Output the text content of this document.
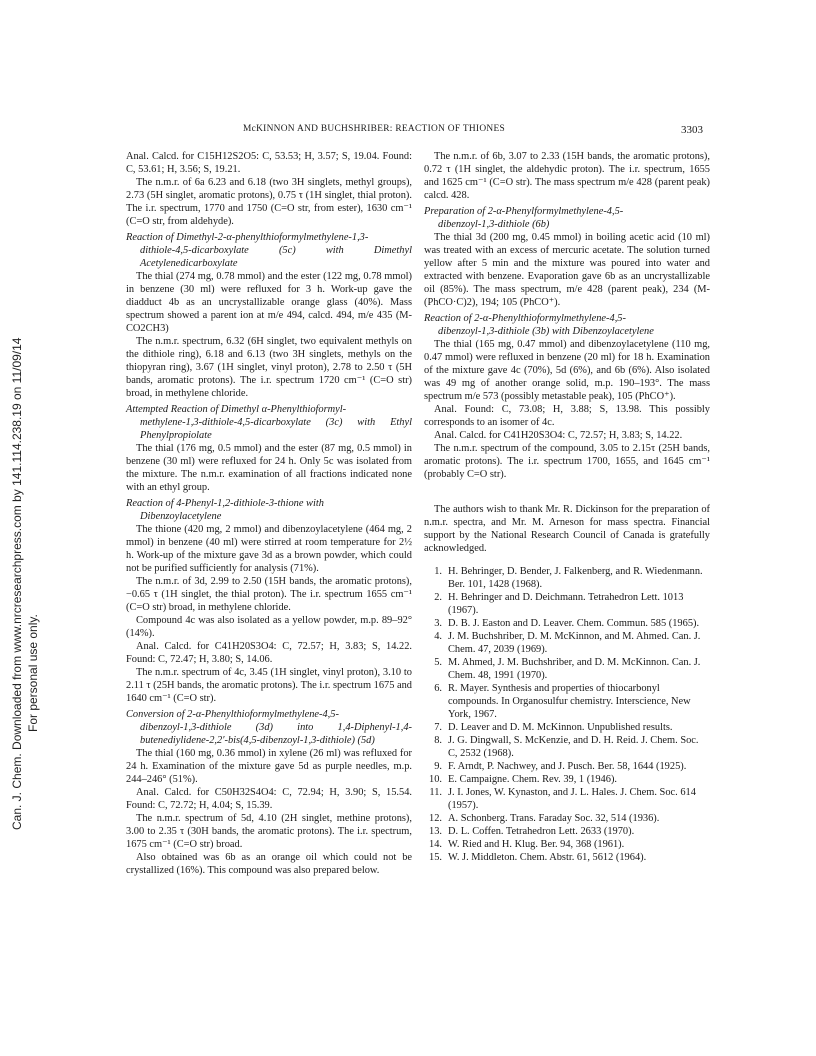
Can. J. Chem. Downloaded from www.nrcresearchpress.com by 141.114.238.19 on 11/09/14 For personal use only.
McKINNON AND BUCHSHRIBER: REACTION OF THIONES	3303

Anal. Calcd. for C15H12S2O5: C, 53.53; H, 3.57; S, 19.04. Found: C, 53.61; H, 3.56; S, 19.21.

The n.m.r. of 6a 6.23 and 6.18 (two 3H singlets, methyl groups), 2.73 (5H singlet, aromatic protons), 0.75 τ (1H singlet, thial proton). The i.r. spectrum, 1770 and 1750 (C=O str, from ester), 1630 cm⁻¹ (C=O str, from aldehyde).

Reaction of Dimethyl-2-α-phenylthioformylmethylene-1,3-
dithiole-4,5-dicarboxylate (5c) with Dimethyl Acetylenedicarboxylate

The thial (274 mg, 0.78 mmol) and the ester (122 mg, 0.78 mmol) in benzene (30 ml) were refluxed for 3 h. Work-up gave the diadduct 4b as an uncrystallizable orange glass (40%). Mass spectrum showed a parent ion at m/e 494, calcd. 494, m/e 435 (M-CO2CH3)

The n.m.r. spectrum, 6.32 (6H singlet, two equivalent methyls on the dithiole ring), 6.18 and 6.13 (two 3H singlets, methyls on the thiopyran ring), 3.67 (1H singlet, vinyl proton), 2.78 to 2.50 τ (5H bands, aromatic protons). The i.r. spectrum 1720 cm⁻¹ (C=O str) broad, in methylene chloride.

Attempted Reaction of Dimethyl α-Phenylthioformyl-
methylene-1,3-dithiole-4,5-dicarboxylate (3c) with Ethyl Phenylpropiolate

The thial (176 mg, 0.5 mmol) and the ester (87 mg, 0.5 mmol) in benzene (30 ml) were refluxed for 24 h. Only 5c was isolated from the mixture. The n.m.r. examination of all fractions indicated none with an ethyl group.

Reaction of 4-Phenyl-1,2-dithiole-3-thione with
Dibenzoylacetylene

The thione (420 mg, 2 mmol) and dibenzoylacetylene (464 mg, 2 mmol) in benzene (40 ml) were stirred at room temperature for 2½ h. Work-up of the mixture gave 3d as a brown powder, which could not be purified sufficiently for analysis (71%).

The n.m.r. of 3d, 2.99 to 2.50 (15H bands, the aromatic protons), −0.65 τ (1H singlet, the thial proton). The i.r. spectrum 1655 cm⁻¹ (C=O str) broad, in methylene chloride.

Compound 4c was also isolated as a yellow powder, m.p. 89–92° (14%).

Anal. Calcd. for C41H20S3O4: C, 72.57; H, 3.83; S, 14.22. Found: C, 72.47; H, 3.80; S, 14.06.

The n.m.r. spectrum of 4c, 3.45 (1H singlet, vinyl proton), 3.10 to 2.11 τ (25H bands, the aromatic protons). The i.r. spectrum 1675 and 1640 cm⁻¹ (C=O str).

Conversion of 2-α-Phenylthioformylmethylene-4,5-
dibenzoyl-1,3-dithiole (3d) into 1,4-Diphenyl-1,4-butenediylidene-2,2′-bis(4,5-dibenzoyl-1,3-dithiole) (5d)

The thial (160 mg, 0.36 mmol) in xylene (26 ml) was refluxed for 24 h. Examination of the mixture gave 5d as purple needles, m.p. 244–246° (51%).

Anal. Calcd. for C50H32S4O4: C, 72.94; H, 3.90; S, 15.54. Found: C, 72.72; H, 4.04; S, 15.39.

The n.m.r. spectrum of 5d, 4.10 (2H singlet, methine protons), 3.00 to 2.35 τ (30H bands, the aromatic protons). The i.r. spectrum, 1675 cm⁻¹ (C=O str) broad.

Also obtained was 6b as an orange oil which could not be crystallized (16%). This compound was also prepared below.

The n.m.r. of 6b, 3.07 to 2.33 (15H bands, the aromatic protons), 0.72 τ (1H singlet, the aldehydic proton). The i.r. spectrum, 1655 and 1625 cm⁻¹ (C=O str). The mass spectrum m/e 428 (parent peak) calcd. 428.

Preparation of 2-α-Phenylformylmethylene-4,5-
dibenzoyl-1,3-dithiole (6b)

The thial 3d (200 mg, 0.45 mmol) in boiling acetic acid (10 ml) was treated with an excess of mercuric acetate. The solution turned yellow after 5 min and the mixture was poured into water and extracted with benzene. Evaporation gave 6b as an uncrystallizable oil (85%). The mass spectrum, m/e 428 (parent peak), 234 (M-(PhCO·C)2), 194; 105 (PhCO⁺).

Reaction of 2-α-Phenylthioformylmethylene-4,5-
dibenzoyl-1,3-dithiole (3b) with Dibenzoylacetylene

The thial (165 mg, 0.47 mmol) and dibenzoylacetylene (110 mg, 0.47 mmol) were refluxed in benzene (20 ml) for 18 h. Examination of the mixture gave 4c (70%), 5d (6%), and 6b (6%). Also isolated was 49 mg of another orange solid, m.p. 190–193°. The mass spectrum m/e 573 (possibly metastable peak), 105 (PhCO⁺).

Anal. Found: C, 73.08; H, 3.88; S, 13.98. This possibly corresponds to an isomer of 4c.

Anal. Calcd. for C41H20S3O4: C, 72.57; H, 3.83; S, 14.22.

The n.m.r. spectrum of the compound, 3.05 to 2.15τ (25H bands, aromatic protons). The i.r. spectrum 1700, 1655, and 1645 cm⁻¹ (probably C=O str).

The authors wish to thank Mr. R. Dickinson for the preparation of n.m.r. spectra, and Mr. M. Arneson for mass spectra. Financial support by the National Research Council of Canada is gratefully acknowledged.

1. H. Behringer, D. Bender, J. Falkenberg, and R. Wiedenmann. Ber. 101, 1428 (1968).
2. H. Behringer and D. Deichmann. Tetrahedron Lett. 1013 (1967).
3. D. B. J. Easton and D. Leaver. Chem. Commun. 585 (1965).
4. J. M. Buchshriber, D. M. McKinnon, and M. Ahmed. Can. J. Chem. 47, 2039 (1969).
5. M. Ahmed, J. M. Buchshriber, and D. M. McKinnon. Can. J. Chem. 48, 1991 (1970).
6. R. Mayer. Synthesis and properties of thiocarbonyl compounds. In Organosulfur chemistry. Interscience, New York, 1967.
7. D. Leaver and D. M. McKinnon. Unpublished results.
8. J. G. Dingwall, S. McKenzie, and D. H. Reid. J. Chem. Soc. C, 2532 (1968).
9. F. Arndt, P. Nachwey, and J. Pusch. Ber. 58, 1644 (1925).
10. E. Campaigne. Chem. Rev. 39, 1 (1946).
11. J. I. Jones, W. Kynaston, and J. L. Hales. J. Chem. Soc. 614 (1957).
12. A. Schonberg. Trans. Faraday Soc. 32, 514 (1936).
13. D. L. Coffen. Tetrahedron Lett. 2633 (1970).
14. W. Ried and H. Klug. Ber. 94, 368 (1961).
15. W. J. Middleton. Chem. Abstr. 61, 5612 (1964).
